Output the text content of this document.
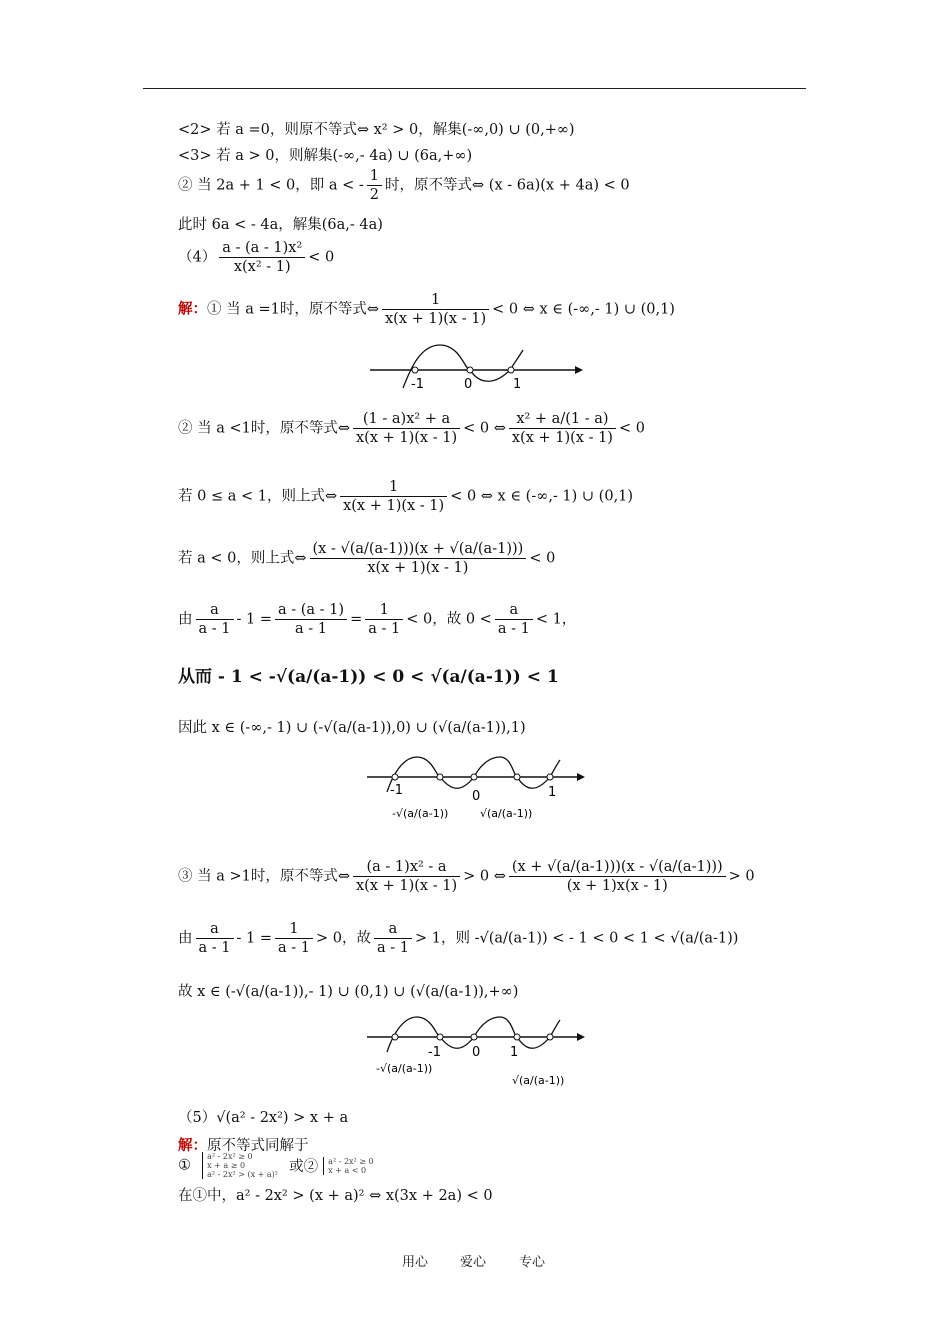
<2> 若 a =0，则原不等式⇔ x² > 0，解集(-∞,0) ∪ (0,+∞)
<3> 若 a > 0，则解集(-∞,- 4a) ∪ (6a,+∞)
② 当 2a + 1 < 0，即 a < - $\frac{1}{2}$ 时，原不等式⇔ (x - 6a)(x + 4a) < 0
此时 6a < - 4a，解集(6a,- 4a)
$(4) \frac{\text{a - (a - 1)x²}}{\text{x(x² - 1)}} < 0$
解：① 当 a =1时，原不等式⇔ $\frac{1}{x(x + 1)(x - 1)} < 0$ ⇔ x ∈ (-∞,- 1) ∪ (0,1)
-1	0	1
② 当 a <1时，原不等式⇔ $\frac{\text{(1 - a)x² + a}}{x(x + 1)(x - 1)} < 0$ ⇔ $\frac{\text{x² + a/(1 - a)}}{x(x + 1)(x - 1)} < 0$
若 0 ≤ a < 1，则上式⇔ $\frac{1}{x(x + 1)(x - 1)} < 0$ ⇔ x ∈ (-∞,- 1) ∪ (0,1)
若 a < 0，则上式⇔ $\frac{(x - √(a/(a-1)))(x + √(a/(a-1)))}{x(x + 1)(x - 1)} < 0$
由 $\frac{a}{a - 1} - 1 = \frac{a - (a - 1)}{a - 1} = \frac{1}{a - 1} < 0$，故 $0 < \frac{a}{a - 1} < 1$，
从而 - 1 < -√(a/(a-1)) < 0 < √(a/(a-1)) < 1
因此 x ∈ (-∞,- 1) ∪ (-√(a/(a-1)),0) ∪ (√(a/(a-1)),1)
-1	0	1
-√(a/(a-1))	√(a/(a-1))
③ 当 a >1时，原不等式⇔ $\frac{\text{(a - 1)x² - a}}{x(x + 1)(x - 1)} > 0$ ⇔ $\frac{(x + √(a/(a-1)))(x - √(a/(a-1)))}{(x + 1)x(x - 1)} > 0$
由 $\frac{a}{a - 1} - 1 = \frac{1}{a - 1} > 0$，故 $\frac{a}{a - 1} > 1$，则 -√(a/(a-1)) < - 1 < 0 < 1 < √(a/(a-1))
故 x ∈ (-√(a/(a-1)),- 1) ∪ (0,1) ∪ (√(a/(a-1)),+∞)
-1 0 1
-√(a/(a-1))
√(a/(a-1))
（5）√(a² - 2x²) > x + a
解：原不等式同解于
①
a² - 2x² ≥ 0
x + a ≥ 0
a² - 2x² > (x + a)² 或② a² - 2x² ≥ 0
x + a < 0
在①中，a² - 2x² > (x + a)² ⇔ x(3x + 2a) < 0
用心 爱心	专心
